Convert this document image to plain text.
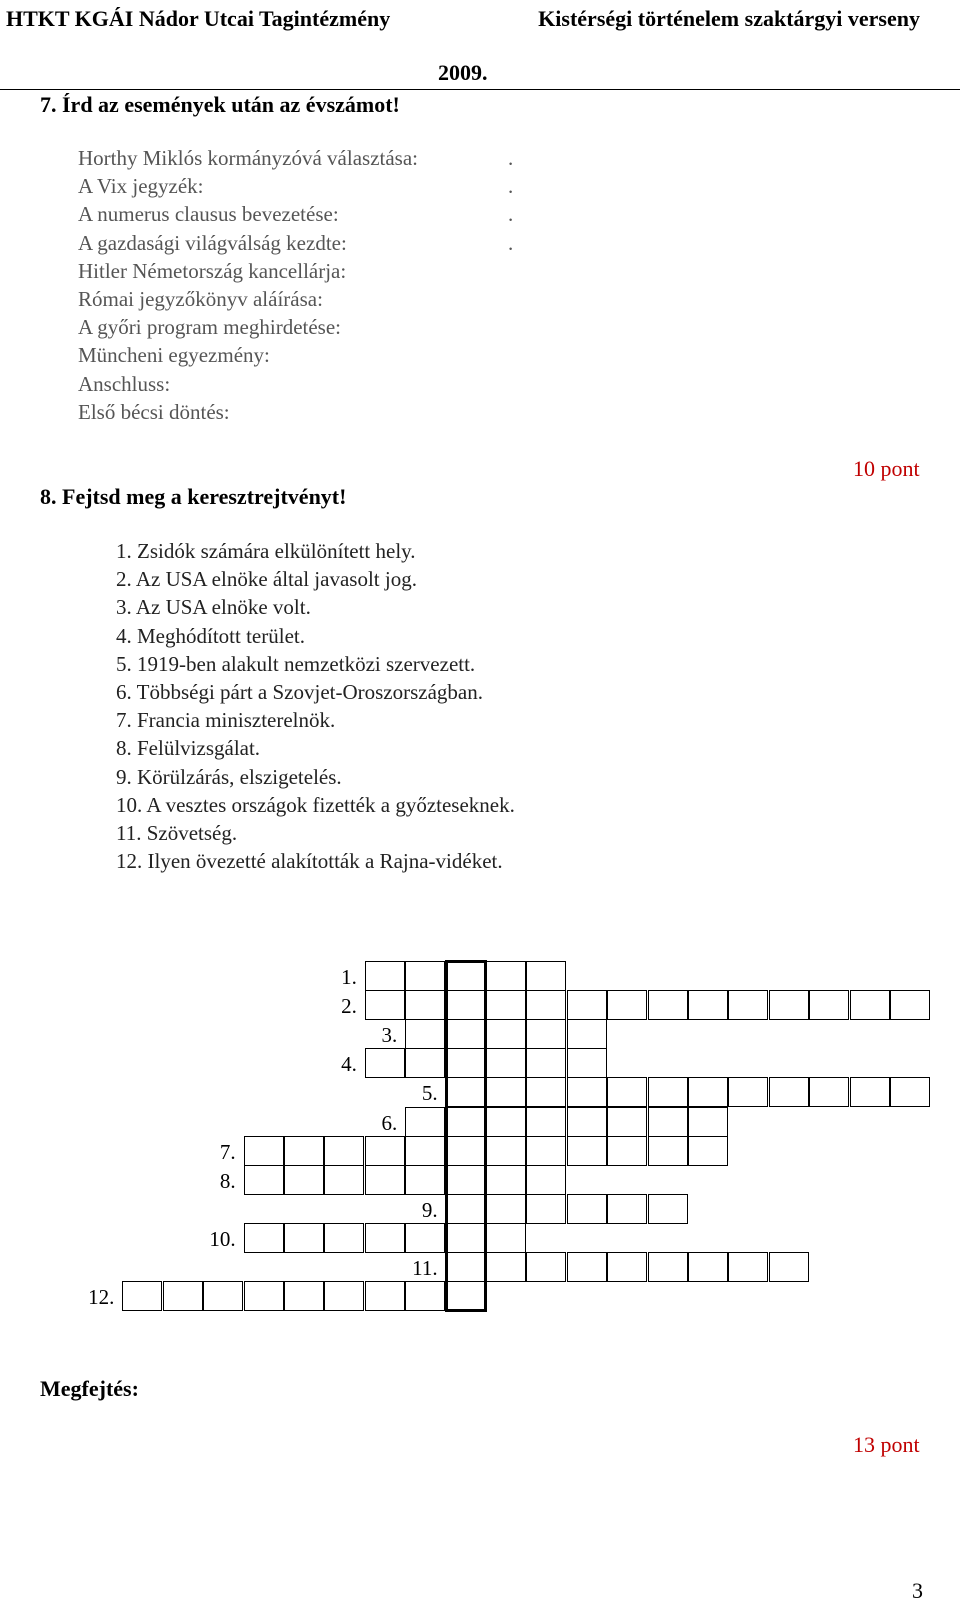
HTKT KGÁI Nádor Utcai Tagintézmény	Kistérségi történelem szaktárgyi verseny
2009.
7. Írd az események után az évszámot!
Horthy Miklós kormányzóvá választása:	.
A Vix jegyzék:	.
A numerus clausus bevezetése:	.
A gazdasági világválság kezdte:	.
Hitler Németország kancellárja:
Római jegyzőkönyv aláírása:
A győri program meghirdetése:
Müncheni egyezmény:
Anschluss:
Első bécsi döntés:
10 pont
8. Fejtsd meg a keresztrejtvényt!
1. Zsidók számára elkülönített hely.
2. Az USA elnöke által javasolt jog.
3. Az USA elnöke volt.
4. Meghódított terület.
5. 1919-ben alakult nemzetközi szervezett.
6. Többségi párt a Szovjet-Oroszországban.
7. Francia miniszterelnök.
8. Felülvizsgálat.
9. Körülzárás, elszigetelés.
10. A vesztes országok fizették a győzteseknek.
11. Szövetség.
12. Ilyen övezetté alakították a Rajna-vidéket.
1.
2.
3.
4.
5.
6.
7.
8.
9.
10.
11.
12.
Megfejtés:
13 pont
3
